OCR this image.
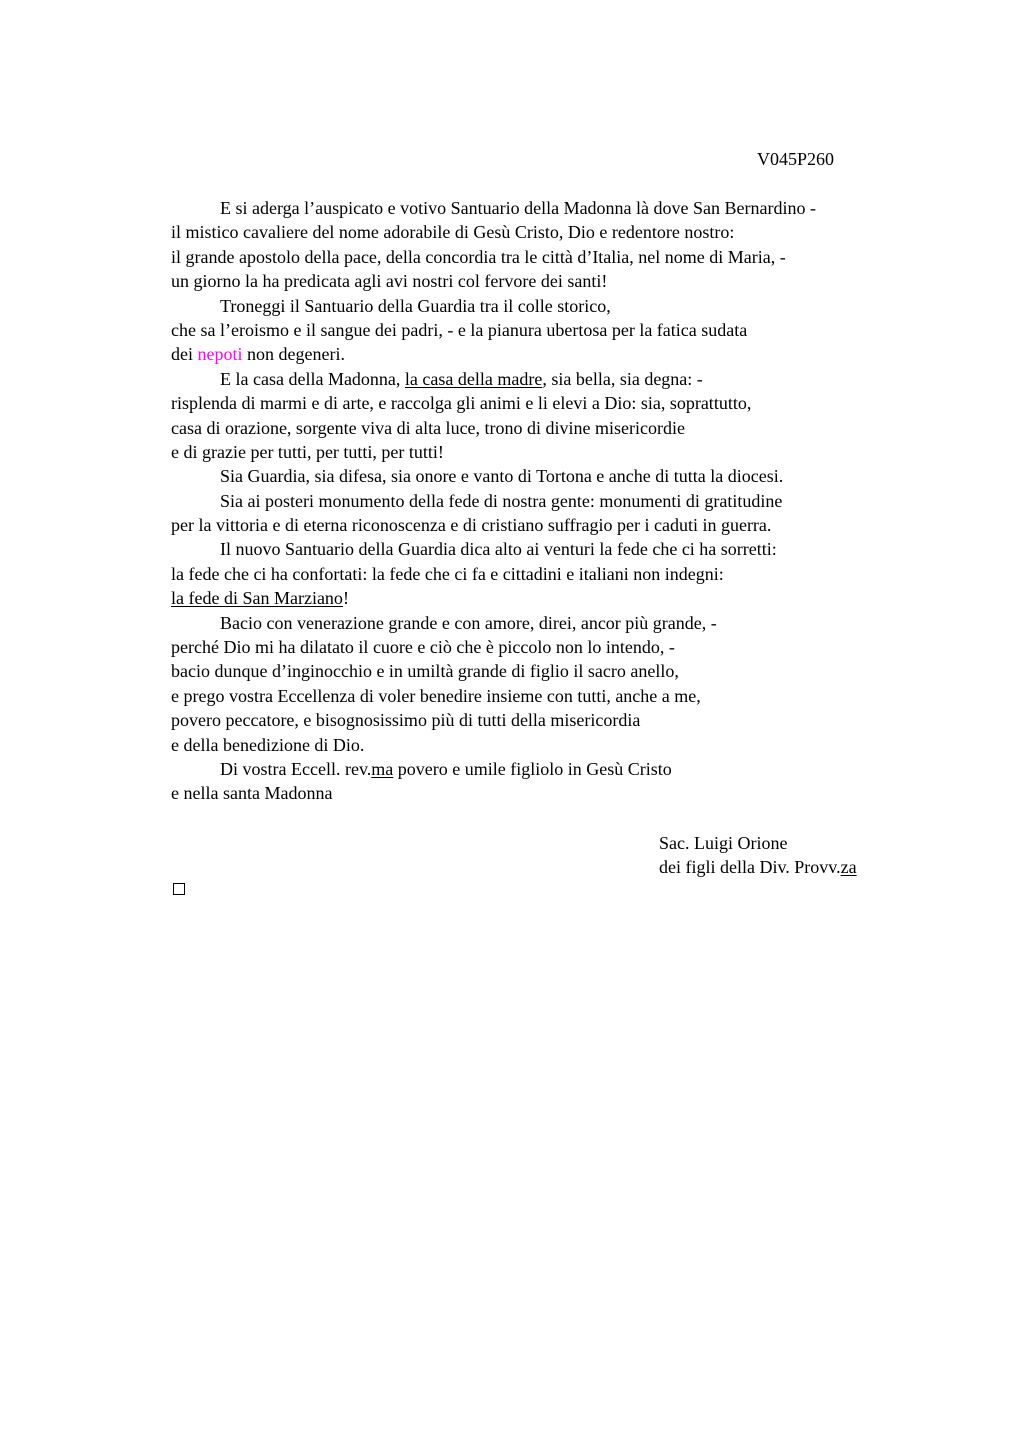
V045P260
E si aderga l’auspicato e votivo Santuario della Madonna là dove San Bernardino -
il mistico cavaliere del nome adorabile di Gesù Cristo, Dio e redentore nostro:
il grande apostolo della pace, della concordia tra le città d’Italia, nel nome di Maria, -
un giorno la ha predicata agli avi nostri col fervore dei santi!
Troneggi il Santuario della Guardia tra il colle storico,
che sa l’eroismo e il sangue dei padri, - e la pianura ubertosa per la fatica sudata
dei nepoti non degeneri.
E la casa della Madonna, la casa della madre, sia bella, sia degna: -
risplenda di marmi e di arte, e raccolga gli animi e li elevi a Dio: sia, soprattutto,
casa di orazione, sorgente viva di alta luce, trono di divine misericordie
e di grazie per tutti, per tutti, per tutti!
Sia Guardia, sia difesa, sia onore e vanto di Tortona e anche di tutta la diocesi.
Sia ai posteri monumento della fede di nostra gente: monumenti di gratitudine
per la vittoria e di eterna riconoscenza e di cristiano suffragio per i caduti in guerra.
Il nuovo Santuario della Guardia dica alto ai venturi la fede che ci ha sorretti:
la fede che ci ha confortati: la fede che ci fa e cittadini e italiani non indegni:
la fede di San Marziano!
Bacio con venerazione grande e con amore, direi, ancor più grande, -
perché Dio mi ha dilatato il cuore e ciò che è piccolo non lo intendo, -
bacio dunque d’inginocchio e in umiltà grande di figlio il sacro anello,
e prego vostra Eccellenza di voler benedire insieme con tutti, anche a me,
povero peccatore, e bisognosissimo più di tutti della misericordia
e della benedizione di Dio.
Di vostra Eccell. rev.ma povero e umile figliolo in Gesù Cristo
e nella santa Madonna
Sac. Luigi Orione
dei figli della Div. Provv.za
